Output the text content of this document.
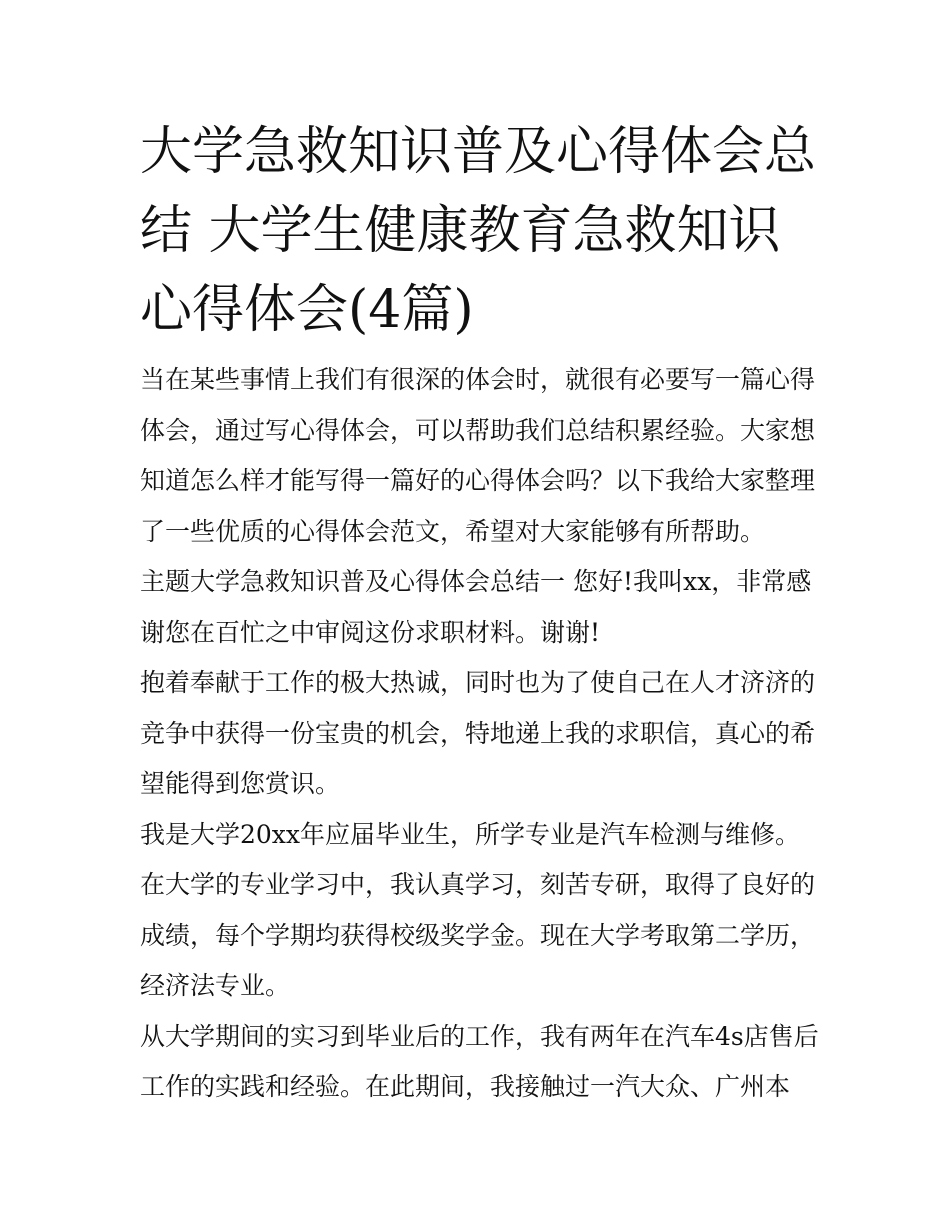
大学急救知识普及心得体会总结 大学生健康教育急救知识心得体会(4篇)

当在某些事情上我们有很深的体会时，就很有必要写一篇心得体会，通过写心得体会，可以帮助我们总结积累经验。大家想知道怎么样才能写得一篇好的心得体会吗？以下我给大家整理了一些优质的心得体会范文，希望对大家能够有所帮助。

主题大学急救知识普及心得体会总结一 您好!我叫xx，非常感谢您在百忙之中审阅这份求职材料。谢谢!

抱着奉献于工作的极大热诚，同时也为了使自己在人才济济的竞争中获得一份宝贵的机会，特地递上我的求职信，真心的希望能得到您赏识。

我是大学20xx年应届毕业生，所学专业是汽车检测与维修。在大学的专业学习中，我认真学习，刻苦专研，取得了良好的成绩，每个学期均获得校级奖学金。现在大学考取第二学历，经济法专业。

从大学期间的实习到毕业后的工作，我有两年在汽车4s店售后工作的实践和经验。在此期间，我接触过一汽大众、广州本
